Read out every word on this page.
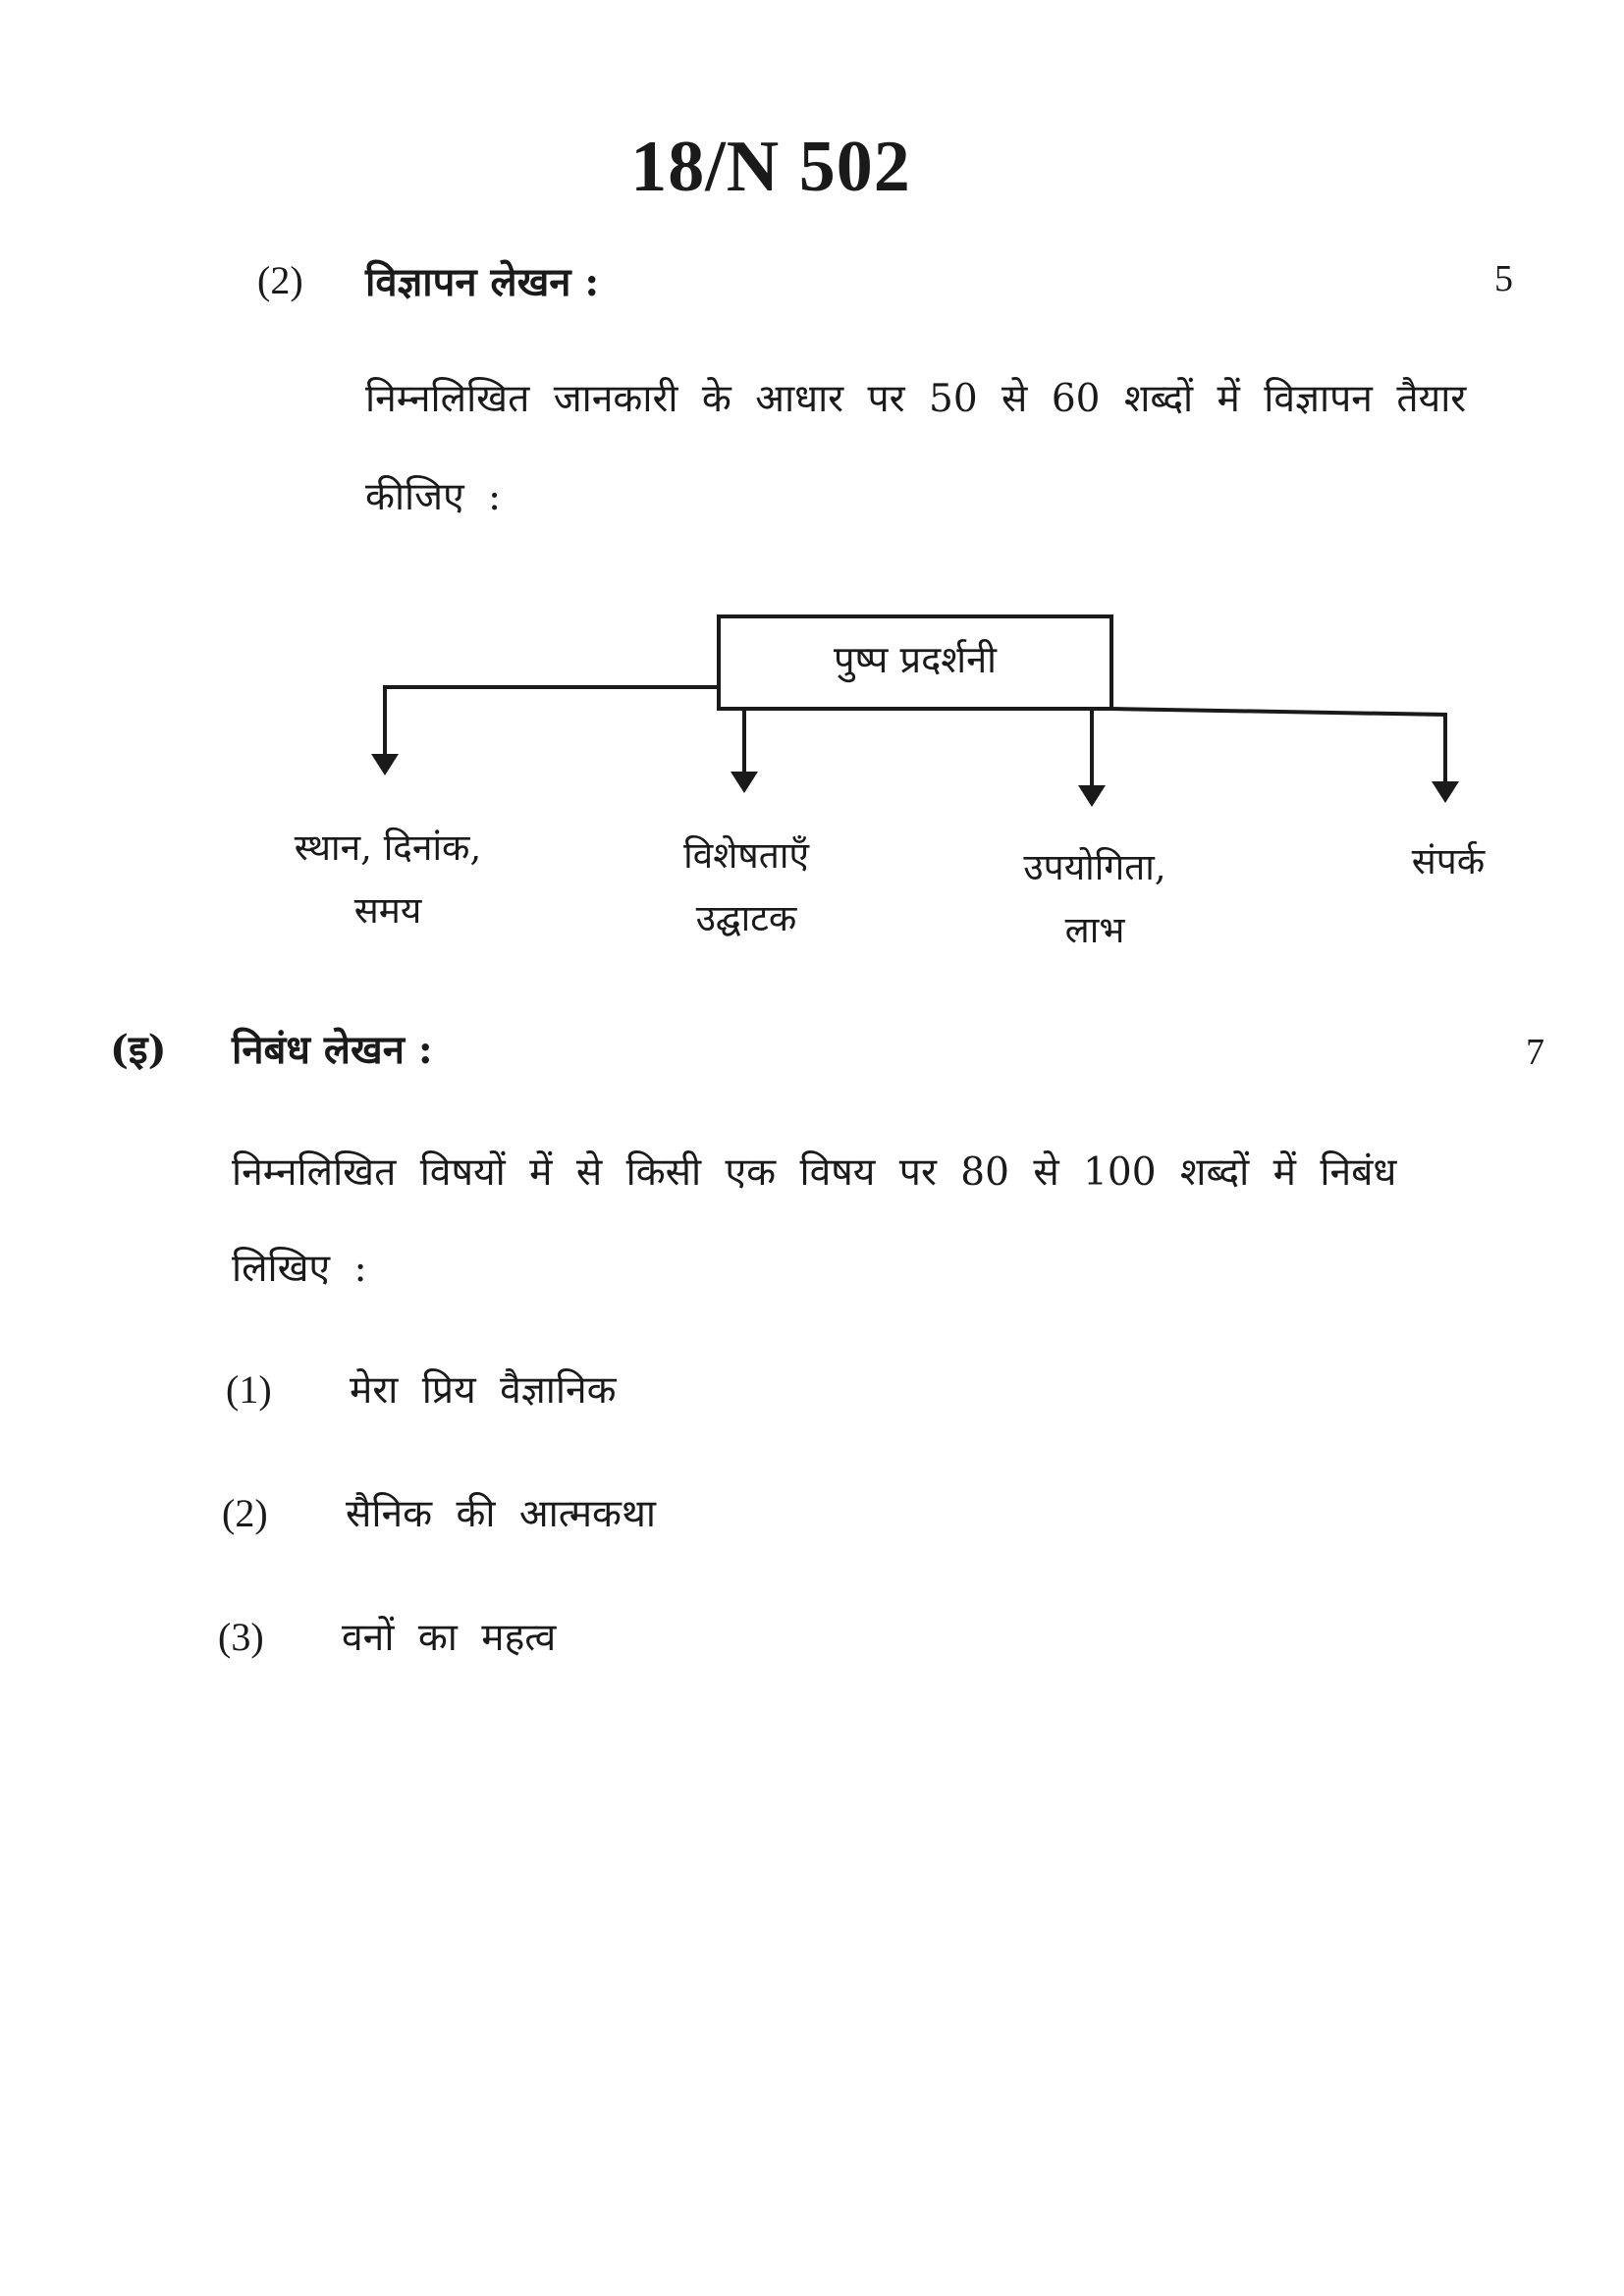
18/N 502
(2) विज्ञापन लेखन :	5
निम्नलिखित जानकारी के आधार पर 50 से 60 शब्दों में विज्ञापन तैयार
कीजिए :
पुष्प प्रदर्शनी
स्थान, दिनांक,
समय
विशेषताएँ
उद्घाटक
उपयोगिता,
लाभ
संपर्क
(इ) निबंध लेखन :	7
निम्नलिखित विषयों में से किसी एक विषय पर 80 से 100 शब्दों में निबंध
लिखिए :
(1) मेरा प्रिय वैज्ञानिक
(2) सैनिक की आत्मकथा
(3) वनों का महत्व
